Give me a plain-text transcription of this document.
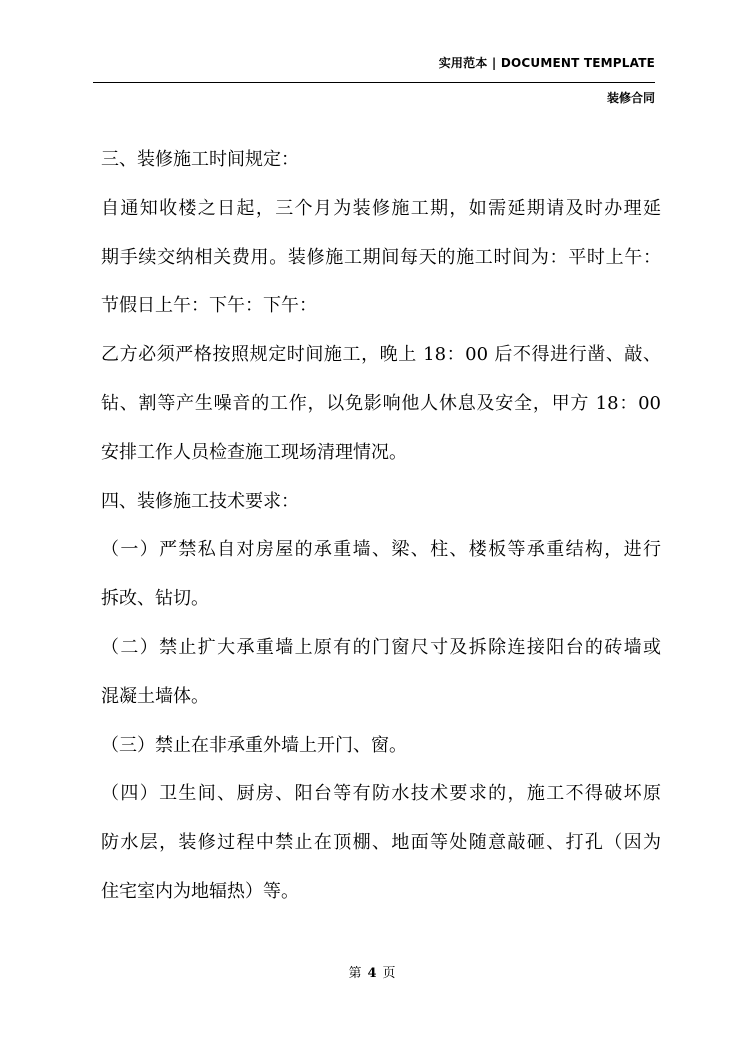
实用范本 | DOCUMENT TEMPLATE
装修合同
三、装修施工时间规定：
自通知收楼之日起，三个月为装修施工期，如需延期请及时办理延
期手续交纳相关费用。装修施工期间每天的施工时间为：平时上午：
节假日上午：下午：下午：
乙方必须严格按照规定时间施工，晚上 18：00 后不得进行凿、敲、
钻、割等产生噪音的工作，以免影响他人休息及安全，甲方 18：00
安排工作人员检查施工现场清理情况。
四、装修施工技术要求：
（一）严禁私自对房屋的承重墙、梁、柱、楼板等承重结构，进行
拆改、钻切。
（二）禁止扩大承重墙上原有的门窗尺寸及拆除连接阳台的砖墙或
混凝土墙体。
（三）禁止在非承重外墙上开门、窗。
（四）卫生间、厨房、阳台等有防水技术要求的，施工不得破坏原
防水层，装修过程中禁止在顶棚、地面等处随意敲砸、打孔（因为
住宅室内为地辐热）等。
第 4 页
